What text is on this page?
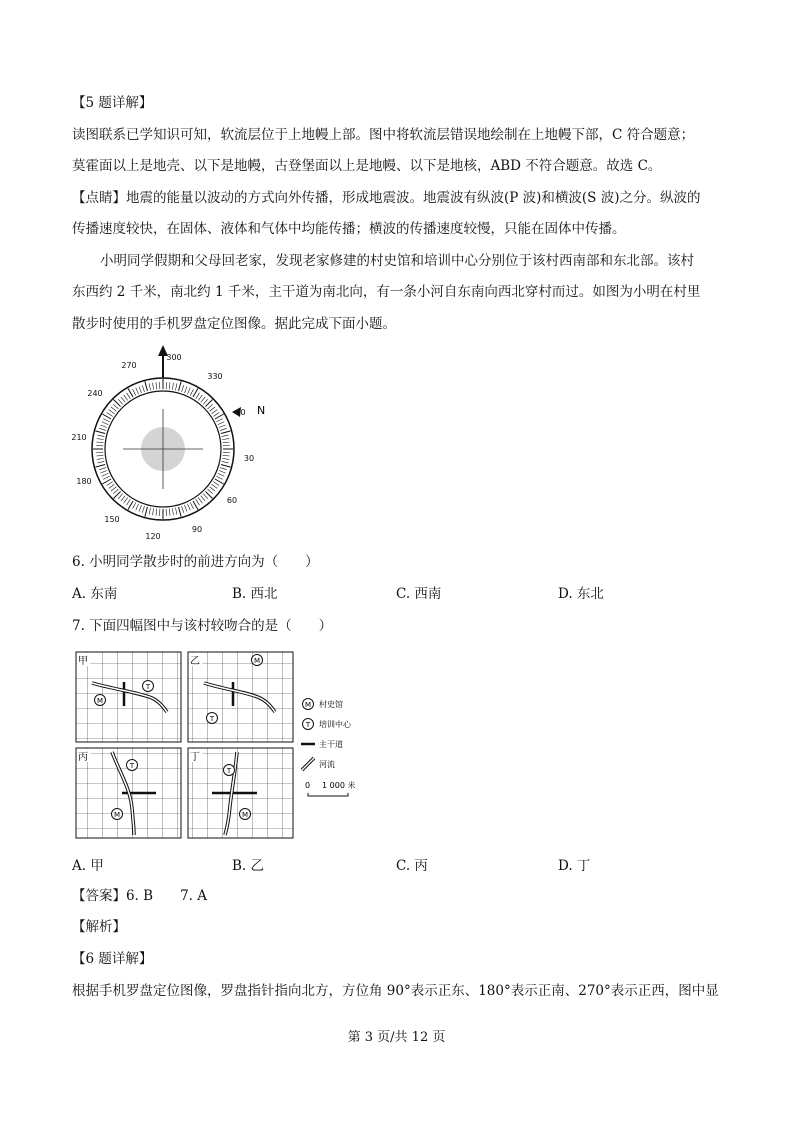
【5 题详解】
读图联系已学知识可知，软流层位于上地幔上部。图中将软流层错误地绘制在上地幔下部，C 符合题意；
莫霍面以上是地壳、以下是地幔，古登堡面以上是地幔、以下是地核，ABD 不符合题意。故选 C。
【点睛】地震的能量以波动的方式向外传播，形成地震波。地震波有纵波(P 波)和横波(S 波)之分。纵波的
传播速度较快，在固体、液体和气体中均能传播；横波的传播速度较慢，只能在固体中传播。
小明同学假期和父母回老家，发现老家修建的村史馆和培训中心分别位于该村西南部和东北部。该村
东西约 2 千米，南北约 1 千米，主干道为南北向，有一条小河自东南向西北穿村而过。如图为小明在村里
散步时使用的手机罗盘定位图像。据此完成下面小题。
N
300
330
0
30
60
90
120
150
180
210
240
270
6. 小明同学散步时的前进方向为（　　）
A. 东南	B. 西北	C. 西南	D. 东北
7. 下面四幅图中与该村较吻合的是（　　）
甲
M
T
乙	M
T
丙
T
M
丁
T
M
M 村史馆
T 培训中心
主干道
河流
0 1 000 米
A. 甲	B. 乙	C. 丙	D. 丁
【答案】6. B　　7. A
【解析】
【6 题详解】
根据手机罗盘定位图像，罗盘指针指向北方，方位角 90°表示正东、180°表示正南、270°表示正西，图中显
第 3 页/共 12 页
